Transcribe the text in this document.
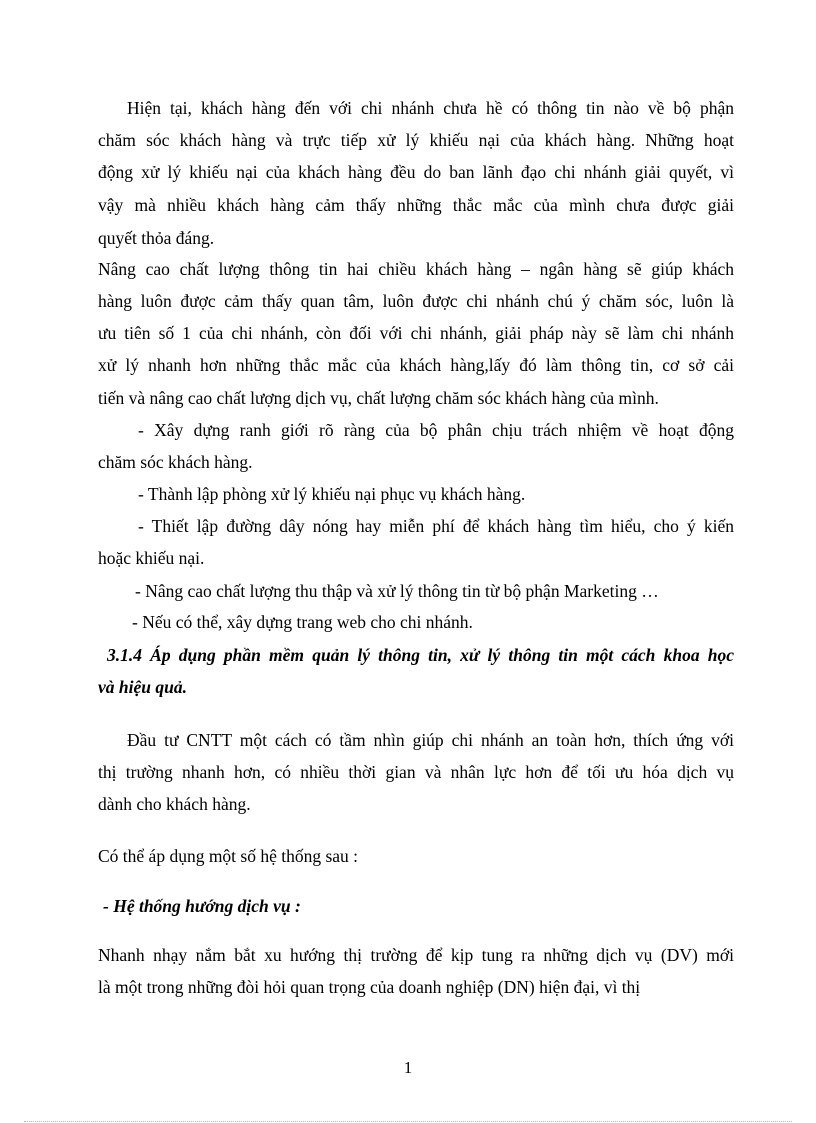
Hiện tại, khách hàng đến với chi nhánh chưa hề có thông tin nào về bộ phận
chăm sóc khách hàng và trực tiếp xử lý khiếu nại của khách hàng. Những hoạt
động xử lý khiếu nại của khách hàng đều do ban lãnh đạo chi nhánh giải quyết, vì
vậy mà nhiều khách hàng cảm thấy những thắc mắc của mình chưa được giải
quyết thỏa đáng.
Nâng cao chất lượng thông tin hai chiều khách hàng – ngân hàng sẽ giúp khách
hàng luôn được cảm thấy quan tâm, luôn được chi nhánh chú ý chăm sóc, luôn là
ưu tiên số 1 của chi nhánh, còn đối với chi nhánh, giải pháp này sẽ làm chi nhánh
xử lý nhanh hơn những thắc mắc của khách hàng,lấy đó làm thông tin, cơ sở cải
tiến và nâng cao chất lượng dịch vụ, chất lượng chăm sóc khách hàng của mình.
- Xây dựng ranh giới rõ ràng của bộ phân chịu trách nhiệm về hoạt động
chăm sóc khách hàng.
- Thành lập phòng xử lý khiếu nại phục vụ khách hàng.
- Thiết lập đường dây nóng hay miễn phí để khách hàng tìm hiểu, cho ý kiến
hoặc khiếu nại.
- Nâng cao chất lượng thu thập và xử lý thông tin từ bộ phận Marketing …
- Nếu có thể, xây dựng trang web cho chi nhánh.
3.1.4 Áp dụng phần mềm quản lý thông tin, xử lý thông tin một cách khoa học
và hiệu quả.
Đầu tư CNTT một cách có tầm nhìn giúp chi nhánh an toàn hơn, thích ứng với
thị trường nhanh hơn, có nhiều thời gian và nhân lực hơn để tối ưu hóa dịch vụ
dành cho khách hàng.
Có thể áp dụng một số hệ thống sau :
- Hệ thống hướng dịch vụ :
Nhanh nhạy nắm bắt xu hướng thị trường để kịp tung ra những dịch vụ (DV) mới
là một trong những đòi hỏi quan trọng của doanh nghiệp (DN) hiện đại, vì thị
1
